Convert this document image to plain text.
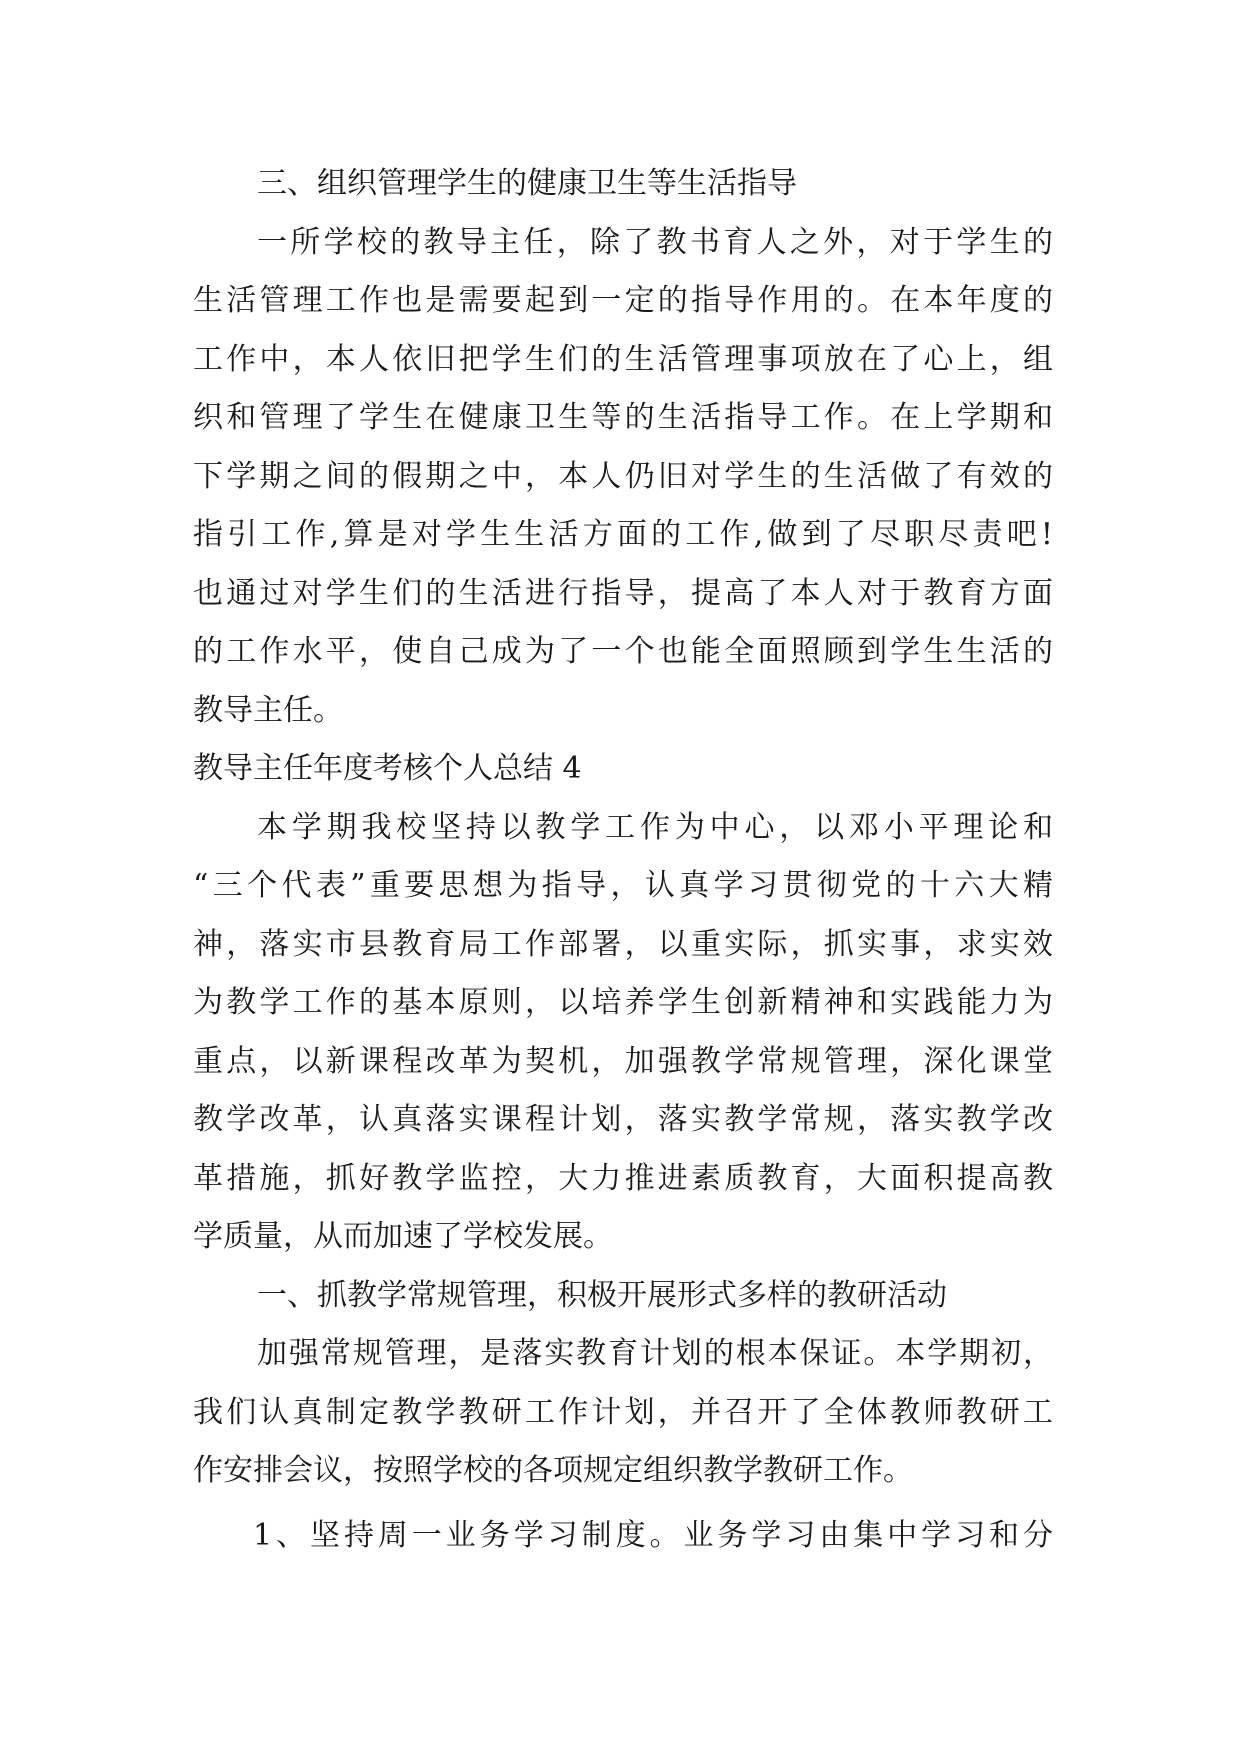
三、组织管理学生的健康卫生等生活指导
一所学校的教导主任，除了教书育人之外，对于学生的
生活管理工作也是需要起到一定的指导作用的。在本年度的
工作中，本人依旧把学生们的生活管理事项放在了心上，组
织和管理了学生在健康卫生等的生活指导工作。在上学期和
下学期之间的假期之中，本人仍旧对学生的生活做了有效的
指引工作,算是对学生生活方面的工作,做到了尽职尽责吧!
也通过对学生们的生活进行指导，提高了本人对于教育方面
的工作水平，使自己成为了一个也能全面照顾到学生生活的
教导主任。
教导主任年度考核个人总结 4
本学期我校坚持以教学工作为中心，以邓小平理论和
“三个代表”重要思想为指导，认真学习贯彻党的十六大精
神，落实市县教育局工作部署，以重实际，抓实事，求实效
为教学工作的基本原则，以培养学生创新精神和实践能力为
重点，以新课程改革为契机，加强教学常规管理，深化课堂
教学改革，认真落实课程计划，落实教学常规，落实教学改
革措施，抓好教学监控，大力推进素质教育，大面积提高教
学质量，从而加速了学校发展。
一、抓教学常规管理，积极开展形式多样的教研活动
加强常规管理，是落实教育计划的根本保证。本学期初，
我们认真制定教学教研工作计划，并召开了全体教师教研工
作安排会议，按照学校的各项规定组织教学教研工作。
1、坚持周一业务学习制度。业务学习由集中学习和分
